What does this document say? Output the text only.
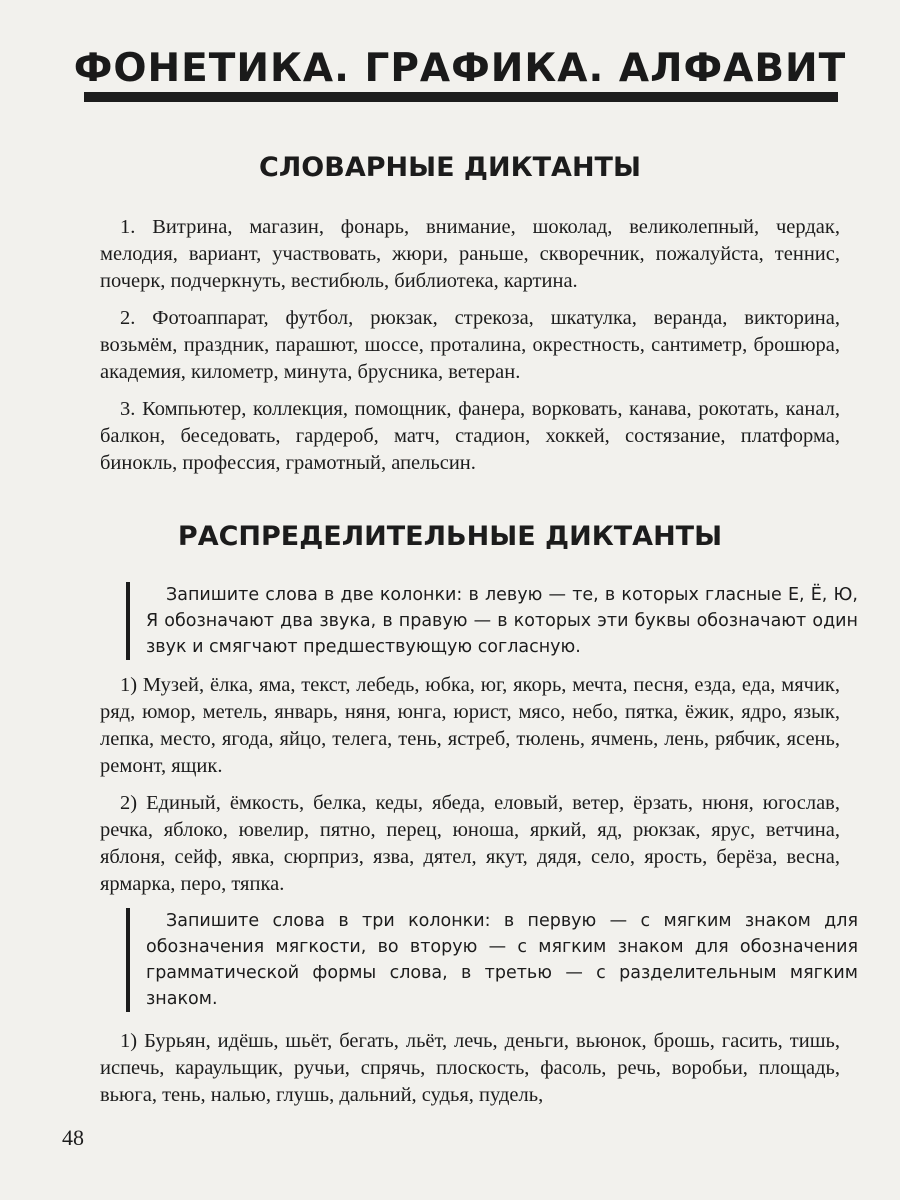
ФОНЕТИКА. ГРАФИКА. АЛФАВИТ
СЛОВАРНЫЕ ДИКТАНТЫ

1. Витрина, магазин, фонарь, внимание, шоколад, великолепный, чердак, мелодия, вариант, участвовать, жюри, раньше, скворечник, пожалуйста, теннис, почерк, подчеркнуть, вестибюль, библиотека, картина.

2. Фотоаппарат, футбол, рюкзак, стрекоза, шкатулка, веранда, викторина, возьмём, праздник, парашют, шоссе, проталина, окрестность, сантиметр, брошюра, академия, километр, минута, брусника, ветеран.

3. Компьютер, коллекция, помощник, фанера, ворковать, канава, рокотать, канал, балкон, беседовать, гардероб, матч, стадион, хоккей, состязание, платформа, бинокль, профессия, грамотный, апельсин.

РАСПРЕДЕЛИТЕЛЬНЫЕ ДИКТАНТЫ

Запишите слова в две колонки: в левую — те, в которых гласные Е, Ё, Ю, Я обозначают два звука, в правую — в которых эти буквы обозначают один звук и смягчают предшествующую согласную.

1) Музей, ёлка, яма, текст, лебедь, юбка, юг, якорь, мечта, песня, езда, еда, мячик, ряд, юмор, метель, январь, няня, юнга, юрист, мясо, небо, пятка, ёжик, ядро, язык, лепка, место, ягода, яйцо, телега, тень, ястреб, тюлень, ячмень, лень, рябчик, ясень, ремонт, ящик.

2) Единый, ёмкость, белка, кеды, ябеда, еловый, ветер, ёрзать, нюня, югослав, речка, яблоко, ювелир, пятно, перец, юноша, яркий, яд, рюкзак, ярус, ветчина, яблоня, сейф, явка, сюрприз, язва, дятел, якут, дядя, село, ярость, берёза, весна, ярмарка, перо, тяпка.

Запишите слова в три колонки: в первую — с мягким знаком для обозначения мягкости, во вторую — с мягким знаком для обозначения грамматической формы слова, в третью — с разделительным мягким знаком.

1) Бурьян, идёшь, шьёт, бегать, льёт, лечь, деньги, вьюнок, брошь, гасить, тишь, испечь, караульщик, ручьи, спрячь, плоскость, фасоль, речь, воробьи, площадь, вьюга, тень, налью, глушь, дальний, судья, пудель,

48
